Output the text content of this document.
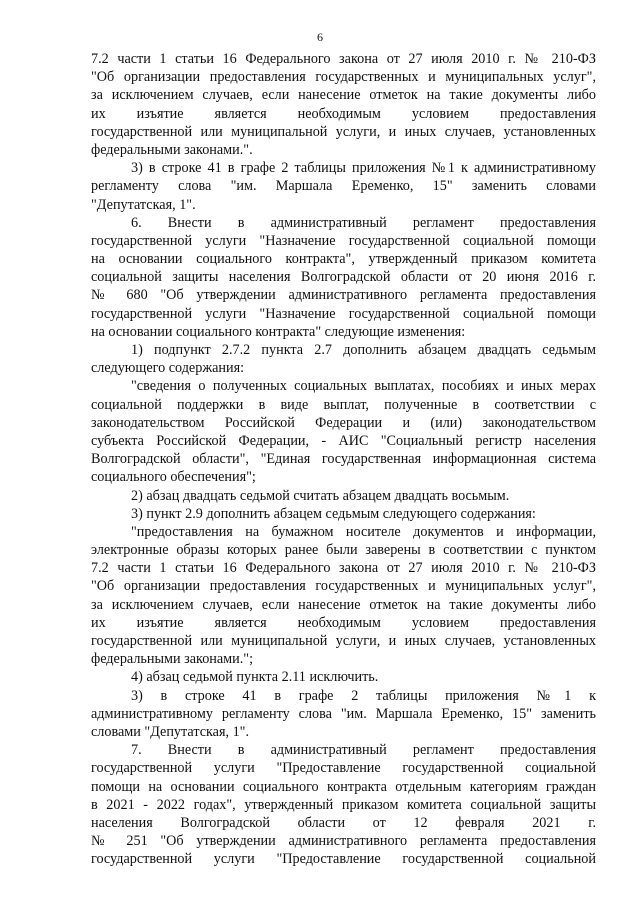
6
7.2 части 1 статьи 16 Федерального закона от 27 июля 2010 г. № 210-ФЗ
"Об организации предоставления государственных и муниципальных услуг",
за исключением случаев, если нанесение отметок на такие документы либо
их изъятие является необходимым условием предоставления
государственной или муниципальной услуги, и иных случаев, установленных
федеральными законами.".
3) в строке 41 в графе 2 таблицы приложения №1 к административному
регламенту слова "им. Маршала Еременко, 15" заменить словами
"Депутатская, 1".
6. Внести в административный регламент предоставления
государственной услуги "Назначение государственной социальной помощи
на основании социального контракта", утвержденный приказом комитета
социальной защиты населения Волгоградской области от 20 июня 2016 г.
№ 680 "Об утверждении административного регламента предоставления
государственной услуги "Назначение государственной социальной помощи
на основании социального контракта" следующие изменения:
1) подпункт 2.7.2 пункта 2.7 дополнить абзацем двадцать седьмым
следующего содержания:
"сведения о полученных социальных выплатах, пособиях и иных мерах
социальной поддержки в виде выплат, полученные в соответствии с
законодательством Российской Федерации и (или) законодательством
субъекта Российской Федерации, - АИС "Социальный регистр населения
Волгоградской области", "Единая государственная информационная система
социального обеспечения";
2) абзац двадцать седьмой считать абзацем двадцать восьмым.
3) пункт 2.9 дополнить абзацем седьмым следующего содержания:
"предоставления на бумажном носителе документов и информации,
электронные образы которых ранее были заверены в соответствии с пунктом
7.2 части 1 статьи 16 Федерального закона от 27 июля 2010 г. № 210-ФЗ
"Об организации предоставления государственных и муниципальных услуг",
за исключением случаев, если нанесение отметок на такие документы либо
их изъятие является необходимым условием предоставления
государственной или муниципальной услуги, и иных случаев, установленных
федеральными законами.";
4) абзац седьмой пункта 2.11 исключить.
3) в строке 41 в графе 2 таблицы приложения №1 к
административному регламенту слова "им. Маршала Еременко, 15" заменить
словами "Депутатская, 1".
7. Внести в административный регламент предоставления
государственной услуги "Предоставление государственной социальной
помощи на основании социального контракта отдельным категориям граждан
в 2021 - 2022 годах", утвержденный приказом комитета социальной защиты
населения Волгоградской области от 12 февраля 2021 г.
№ 251 "Об утверждении административного регламента предоставления
государственной услуги "Предоставление государственной социальной
